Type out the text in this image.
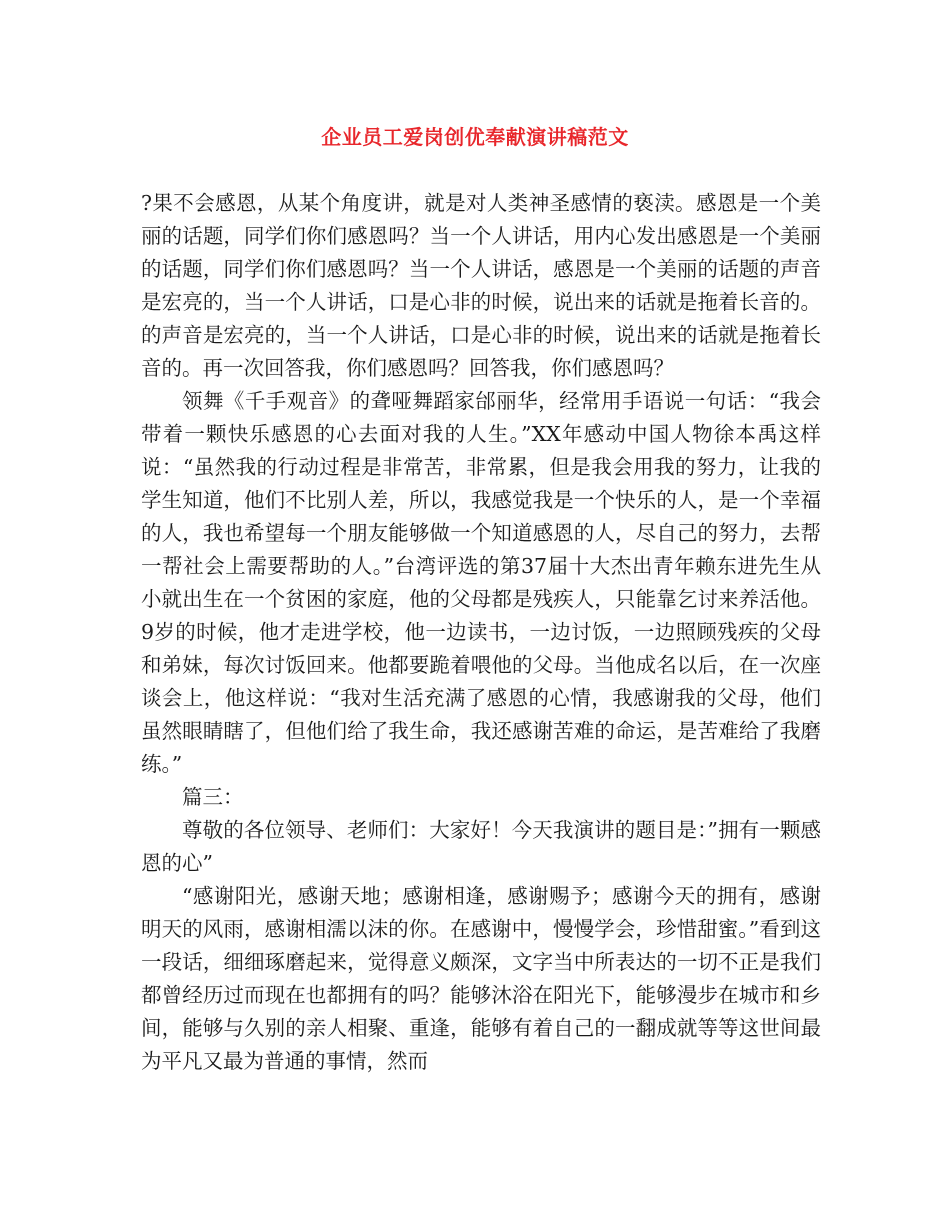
企业员工爱岗创优奉献演讲稿范文

?果不会感恩，从某个角度讲，就是对人类神圣感情的亵渎。感恩是一个美丽的话题，同学们你们感恩吗？当一个人讲话，用内心发出感恩是一个美丽的话题，同学们你们感恩吗？当一个人讲话，感恩是一个美丽的话题的声音是宏亮的，当一个人讲话，口是心非的时候，说出来的话就是拖着长音的。的声音是宏亮的，当一个人讲话，口是心非的时候，说出来的话就是拖着长音的。再一次回答我，你们感恩吗？回答我，你们感恩吗？

领舞《千手观音》的聋哑舞蹈家邰丽华，经常用手语说一句话：“我会带着一颗快乐感恩的心去面对我的人生。”XX年感动中国人物徐本禹这样说：“虽然我的行动过程是非常苦，非常累，但是我会用我的努力，让我的学生知道，他们不比别人差，所以，我感觉我是一个快乐的人，是一个幸福的人，我也希望每一个朋友能够做一个知道感恩的人，尽自己的努力，去帮一帮社会上需要帮助的人。”台湾评选的第37届十大杰出青年赖东进先生从小就出生在一个贫困的家庭，他的父母都是残疾人，只能靠乞讨来养活他。9岁的时候，他才走进学校，他一边读书，一边讨饭，一边照顾残疾的父母和弟妹，每次讨饭回来。他都要跪着喂他的父母。当他成名以后，在一次座谈会上，他这样说：“我对生活充满了感恩的心情，我感谢我的父母，他们虽然眼睛瞎了，但他们给了我生命，我还感谢苦难的命运，是苦难给了我磨练。”

篇三：

尊敬的各位领导、老师们：大家好！今天我演讲的题目是：”拥有一颗感恩的心”

“感谢阳光，感谢天地；感谢相逢，感谢赐予；感谢今天的拥有，感谢明天的风雨，感谢相濡以沫的你。在感谢中，慢慢学会，珍惜甜蜜。”看到这一段话，细细琢磨起来，觉得意义颇深，文字当中所表达的一切不正是我们都曾经历过而现在也都拥有的吗？能够沐浴在阳光下，能够漫步在城市和乡间，能够与久别的亲人相聚、重逢，能够有着自己的一翻成就等等这世间最为平凡又最为普通的事情，然而
